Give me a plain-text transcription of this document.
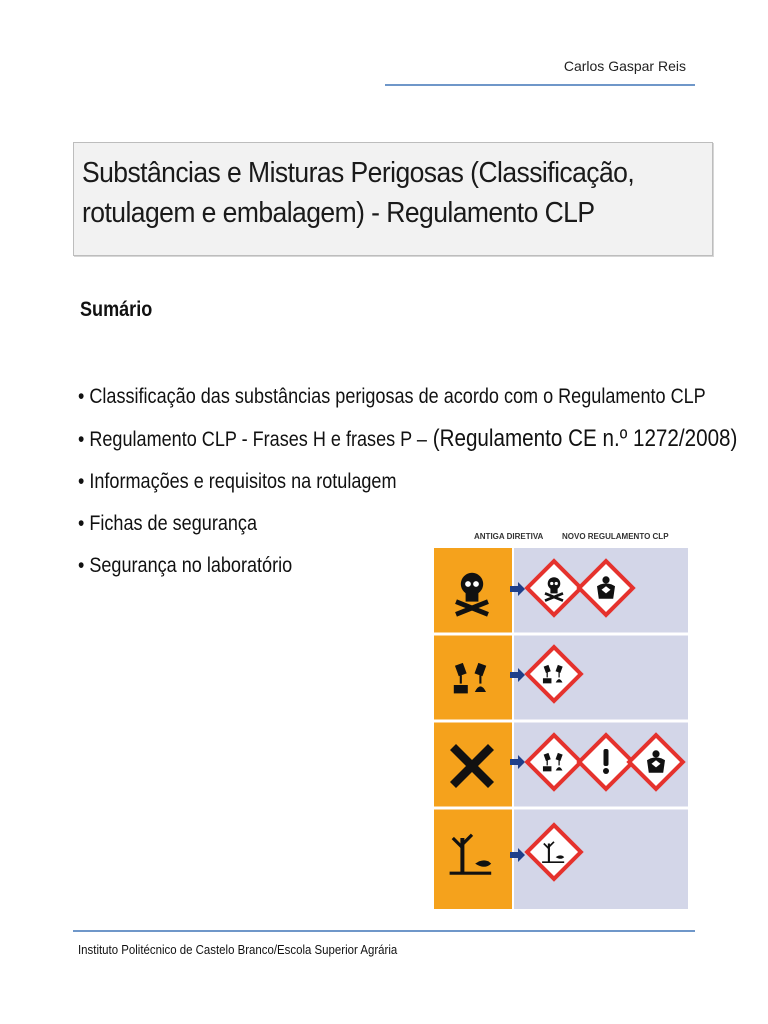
Carlos Gaspar Reis
Substâncias e Misturas Perigosas (Classificação, rotulagem e embalagem) - Regulamento CLP
Sumário
• Classificação das substâncias perigosas de acordo com o Regulamento CLP
• Regulamento CLP - Frases H e frases P – (Regulamento CE n.º 1272/2008)
• Informações e requisitos na rotulagem
• Fichas de segurança
• Segurança no laboratório
ANTIGA DIRETIVA NOVO REGULAMENTO CLP
Instituto Politécnico de Castelo Branco/Escola Superior Agrária
